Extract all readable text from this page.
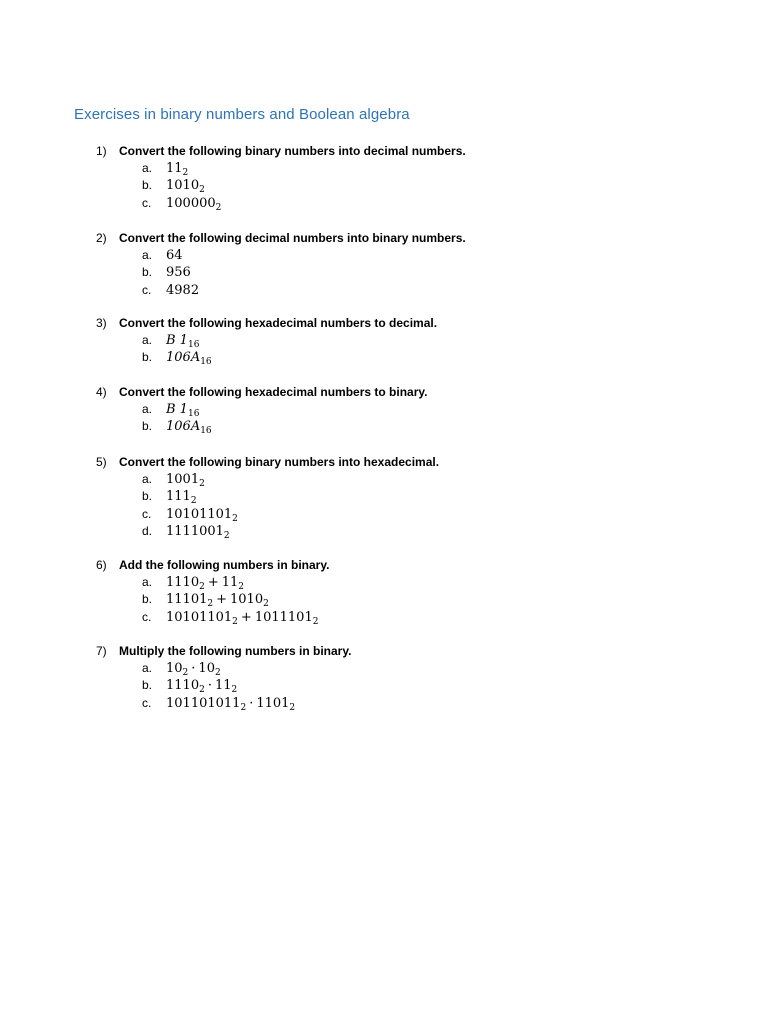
Exercises in binary numbers and Boolean algebra
1) Convert the following binary numbers into decimal numbers.
a. $11_2$
b. $1010_2$
c. $100000_2$
2) Convert the following decimal numbers into binary numbers.
a. 64
b. 956
c. 4982
3) Convert the following hexadecimal numbers to decimal.
a. B $1_{16}$
b. $106A_{16}$
4) Convert the following hexadecimal numbers to binary.
a. B $1_{16}$
b. $106A_{16}$
5) Convert the following binary numbers into hexadecimal.
a. $1001_2$
b. $111_2$
c. $10101101_2$
d. $1111001_2$
6) Add the following numbers in binary.
a. $1110_2 + 11_2$
b. $11101_2 + 1010_2$
c. $10101101_2 + 1011101_2$
7) Multiply the following numbers in binary.
a. $10_2 \cdot 10_2$
b. $1110_2 \cdot 11_2$
c. $101101011_2 \cdot 1101_2$
